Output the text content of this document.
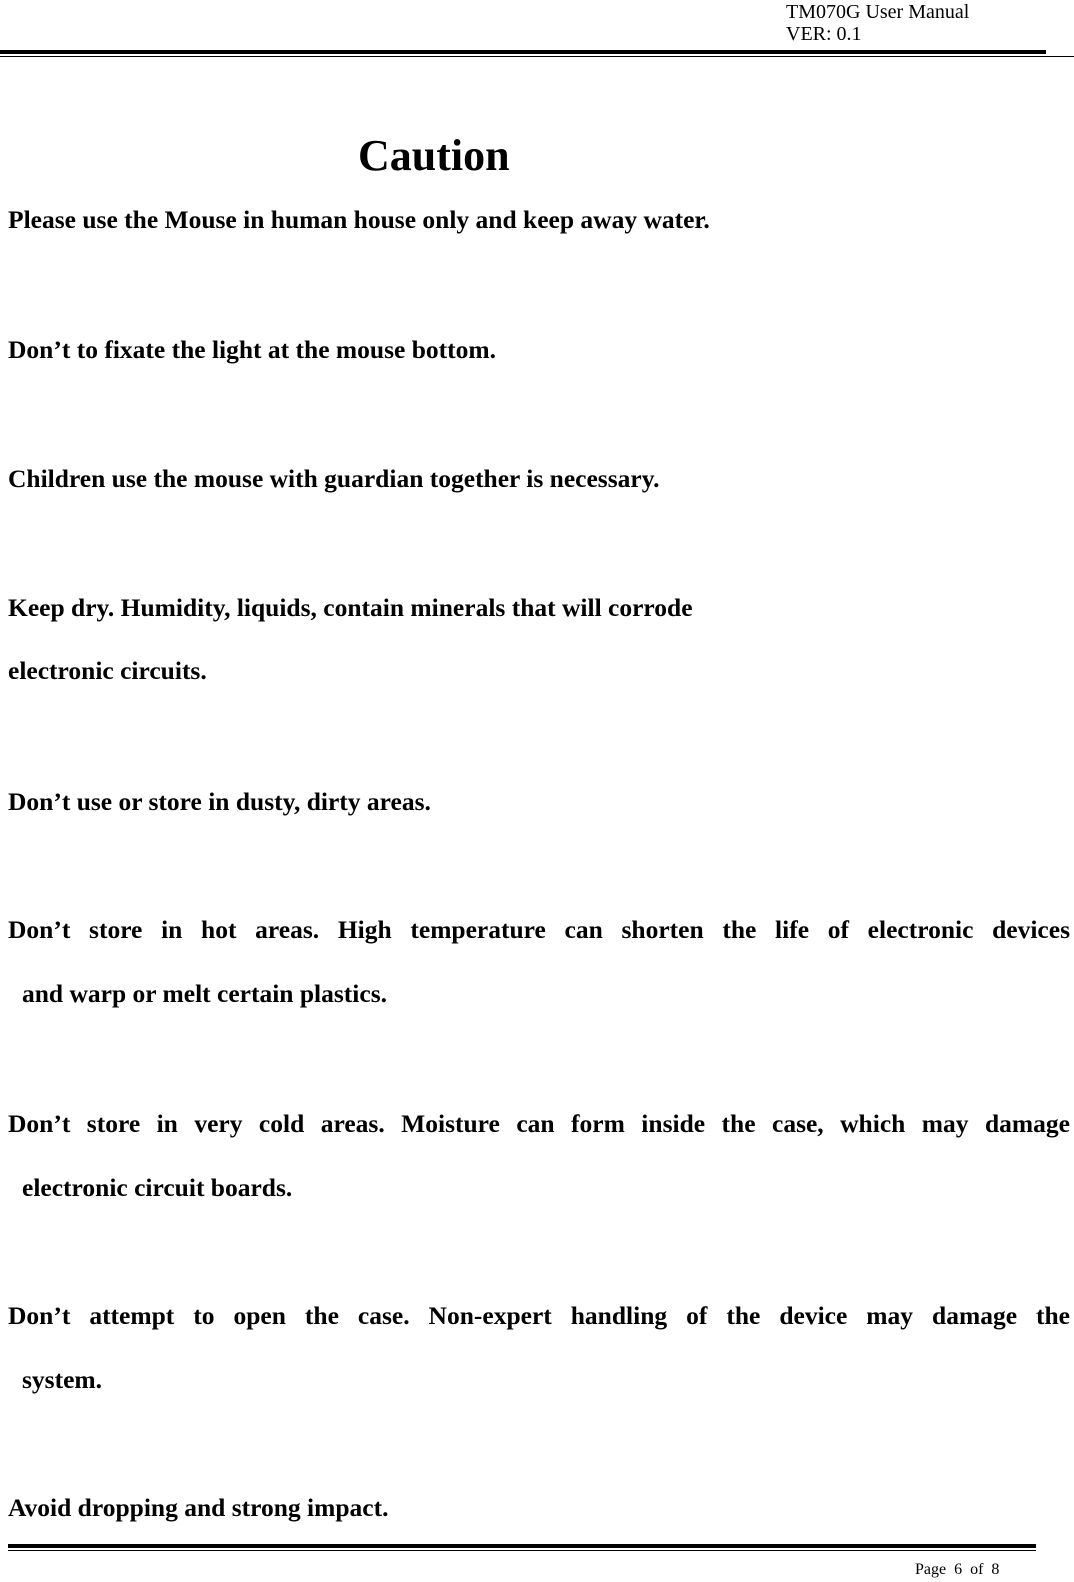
TM070G User Manual
VER: 0.1
Caution
Please use the Mouse in human house only and keep away water.
Don’t to fixate the light at the mouse bottom.
Children use the mouse with guardian together is necessary.
Keep dry. Humidity, liquids, contain minerals that will corrode
electronic circuits.
Don’t use or store in dusty, dirty areas.
Don’t store in hot areas. High temperature can shorten the life of electronic devices
and warp or melt certain plastics.
Don’t store in very cold areas. Moisture can form inside the case, which may damage
electronic circuit boards.
Don’t attempt to open the case. Non-expert handling of the device may damage the
system.
Avoid dropping and strong impact.
Page 6 of 8
